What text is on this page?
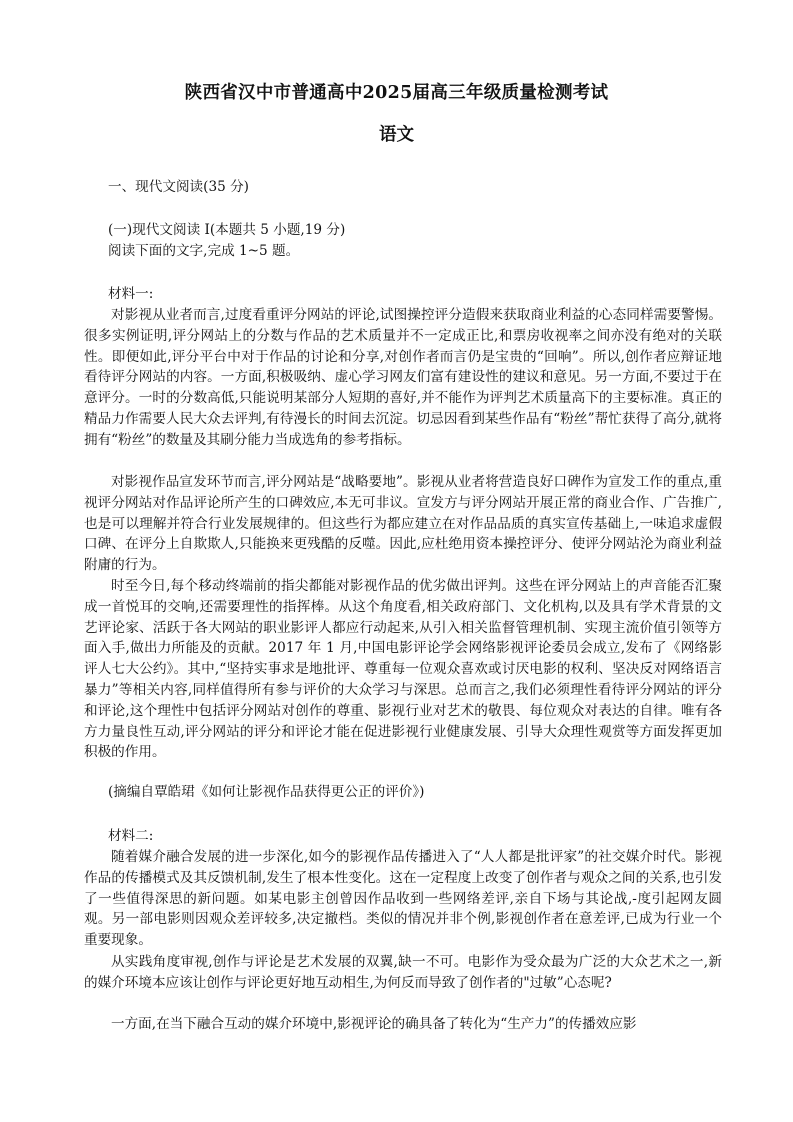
陕西省汉中市普通高中2025届高三年级质量检测考试
语文
一、现代文阅读(35 分)
(一)现代文阅读 I(本题共 5 小题,19 分)
阅读下面的文字,完成 1~5 题。
材料一:

对影视从业者而言,过度看重评分网站的评论,试图操控评分造假来获取商业利益的心态同样需要警惕。很多实例证明,评分网站上的分数与作品的艺术质量并不一定成正比,和票房收视率之间亦没有绝对的关联性。即便如此,评分平台中对于作品的讨论和分享,对创作者而言仍是宝贵的“回响”。所以,创作者应辩证地看待评分网站的内容。一方面,积极吸纳、虚心学习网友们富有建设性的建议和意见。另一方面,不要过于在意评分。一时的分数高低,只能说明某部分人短期的喜好,并不能作为评判艺术质量高下的主要标准。真正的精品力作需要人民大众去评判,有待漫长的时间去沉淀。切忌因看到某些作品有“粉丝”帮忙获得了高分,就将拥有“粉丝”的数量及其刷分能力当成选角的参考指标。

对影视作品宣发环节而言,评分网站是“战略要地”。影视从业者将营造良好口碑作为宣发工作的重点,重视评分网站对作品评论所产生的口碑效应,本无可非议。宣发方与评分网站开展正常的商业合作、广告推广,也是可以理解并符合行业发展规律的。但这些行为都应建立在对作品品质的真实宣传基础上,一味追求虚假口碑、在评分上自欺欺人,只能换来更残酷的反噬。因此,应杜绝用资本操控评分、使评分网站沦为商业利益附庸的行为。

时至今日,每个移动终端前的指尖都能对影视作品的优劣做出评判。这些在评分网站上的声音能否汇聚成一首悦耳的交响,还需要理性的指挥棒。从这个角度看,相关政府部门、文化机构,以及具有学术背景的文艺评论家、活跃于各大网站的职业影评人都应行动起来,从引入相关监督管理机制、实现主流价值引领等方面入手,做出力所能及的贡献。2017 年 1 月,中国电影评论学会网络影视评论委员会成立,发布了《网络影评人七大公约》。其中,“坚持实事求是地批评、尊重每一位观众喜欢或讨厌电影的权利、坚决反对网络语言暴力”等相关内容,同样值得所有参与评价的大众学习与深思。总而言之,我们必须理性看待评分网站的评分和评论,这个理性中包括评分网站对创作的尊重、影视行业对艺术的敬畏、每位观众对表达的自律。唯有各方力量良性互动,评分网站的评分和评论才能在促进影视行业健康发展、引导大众理性观赏等方面发挥更加积极的作用。

(摘编自覃皓珺《如何让影视作品获得更公正的评价》)
材料二:

随着媒介融合发展的进一步深化,如今的影视作品传播进入了“人人都是批评家”的社交媒介时代。影视作品的传播模式及其反馈机制,发生了根本性变化。这在一定程度上改变了创作者与观众之间的关系,也引发了一些值得深思的新问题。如某电影主创曾因作品收到一些网络差评,亲自下场与其论战,-度引起网友圆观。另一部电影则因观众差评较多,决定撤档。类似的情况并非个例,影视创作者在意差评,已成为行业一个重要现象。

从实践角度审视,创作与评论是艺术发展的双翼,缺一不可。电影作为受众最为广泛的大众艺术之一,新的媒介环境本应该让创作与评论更好地互动相生,为何反而导致了创作者的"过敏”心态呢?

一方面,在当下融合互动的媒介环境中,影视评论的确具备了转化为“生产力”的传播效应影
